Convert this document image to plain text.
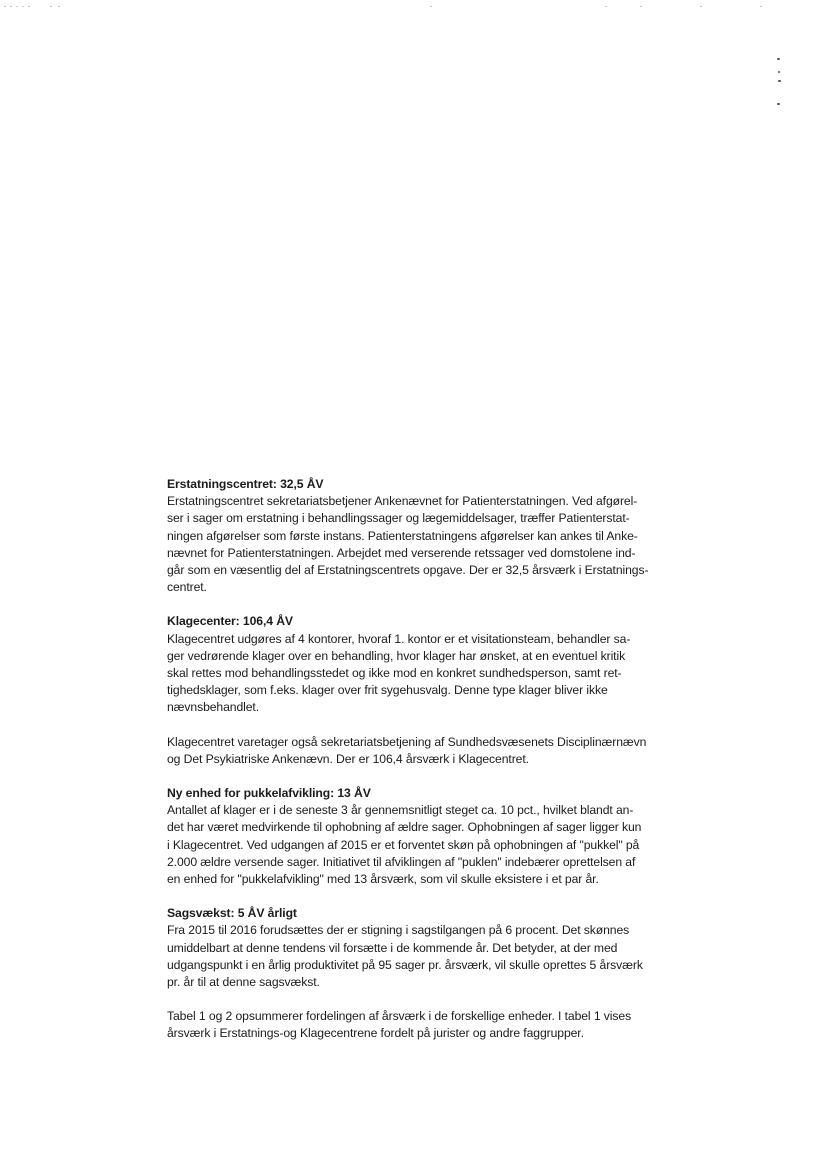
Erstatningscentret: 32,5 ÅV
Erstatningscentret sekretariatsbetjener Ankenævnet for Patienterstatningen. Ved afgørel-
ser i sager om erstatning i behandlingssager og lægemiddelsager, træffer Patienterstat-
ningen afgørelser som første instans. Patienterstatningens afgørelser kan ankes til Anke-
nævnet for Patienterstatningen. Arbejdet med verserende retssager ved domstolene ind-
går som en væsentlig del af Erstatningscentrets opgave. Der er 32,5 årsværk i Erstatnings-
centret.
Klagecenter: 106,4 ÅV
Klagecentret udgøres af 4 kontorer, hvoraf 1. kontor er et visitationsteam, behandler sa-
ger vedrørende klager over en behandling, hvor klager har ønsket, at en eventuel kritik
skal rettes mod behandlingsstedet og ikke mod en konkret sundhedsperson, samt ret-
tighedsklager, som f.eks. klager over frit sygehusvalg. Denne type klager bliver ikke
nævnsbehandlet.
Klagecentret varetager også sekretariatsbetjening af Sundhedsvæsenets Disciplinærnævn
og Det Psykiatriske Ankenævn. Der er 106,4 årsværk i Klagecentret.
Ny enhed for pukkelafvikling: 13 ÅV
Antallet af klager er i de seneste 3 år gennemsnitligt steget ca. 10 pct., hvilket blandt an-
det har været medvirkende til ophobning af ældre sager. Ophobningen af sager ligger kun
i Klagecentret. Ved udgangen af 2015 er et forventet skøn på ophobningen af "pukkel" på
2.000 ældre versende sager. Initiativet til afviklingen af "puklen" indebærer oprettelsen af
en enhed for "pukkelafvikling" med 13 årsværk, som vil skulle eksistere i et par år.
Sagsvækst: 5 ÅV årligt
Fra 2015 til 2016 forudsættes der er stigning i sagstilgangen på 6 procent. Det skønnes
umiddelbart at denne tendens vil forsætte i de kommende år. Det betyder, at der med
udgangspunkt i en årlig produktivitet på 95 sager pr. årsværk, vil skulle oprettes 5 årsværk
pr. år til at denne sagsvækst.
Tabel 1 og 2 opsummerer fordelingen af årsværk i de forskellige enheder. I tabel 1 vises
årsværk i Erstatnings-og Klagecentrene fordelt på jurister og andre faggrupper.
